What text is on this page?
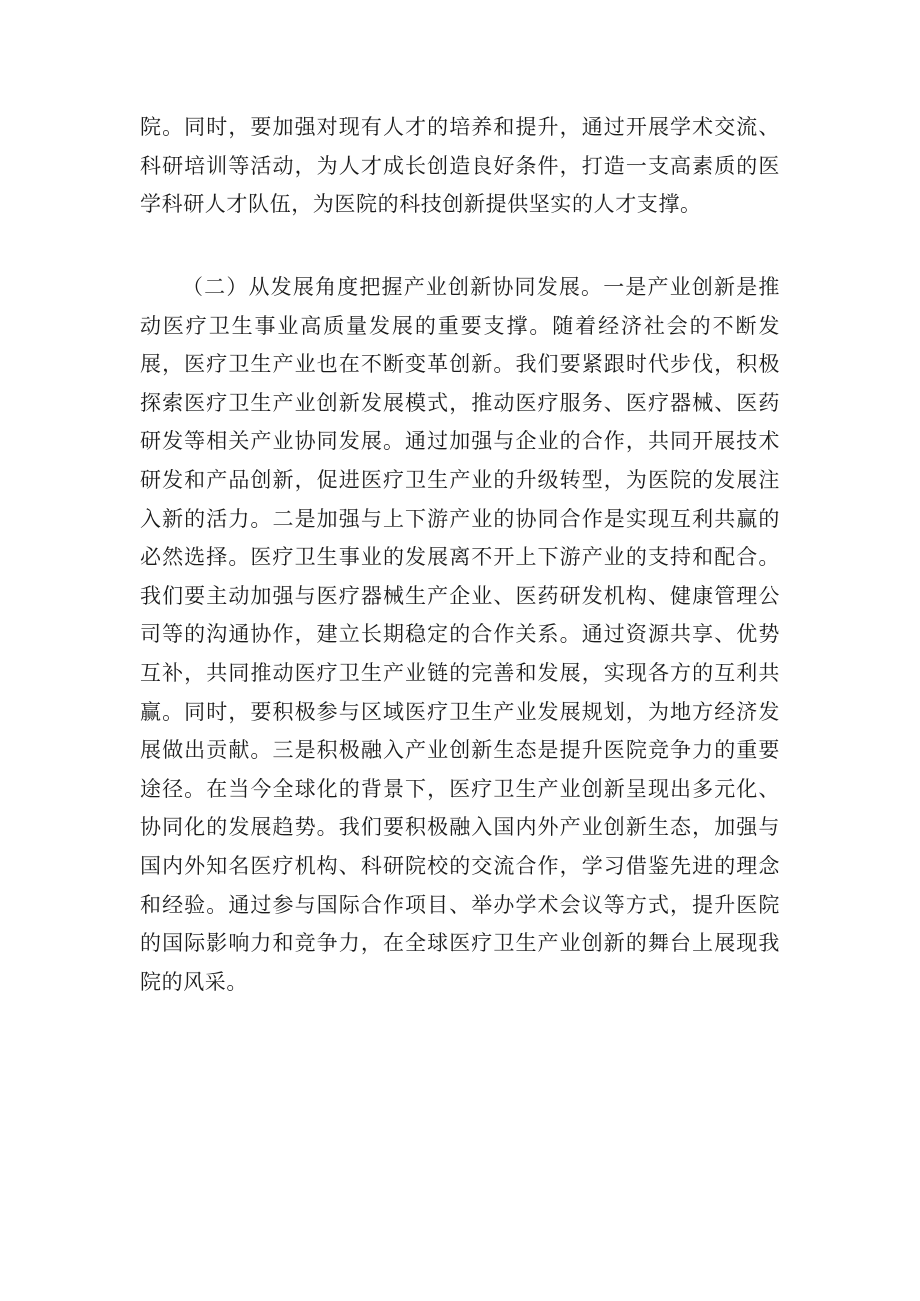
院。同时，要加强对现有人才的培养和提升，通过开展学术交流、科研培训等活动，为人才成长创造良好条件，打造一支高素质的医学科研人才队伍，为医院的科技创新提供坚实的人才支撑。

（二）从发展角度把握产业创新协同发展。一是产业创新是推动医疗卫生事业高质量发展的重要支撑。随着经济社会的不断发展，医疗卫生产业也在不断变革创新。我们要紧跟时代步伐，积极探索医疗卫生产业创新发展模式，推动医疗服务、医疗器械、医药研发等相关产业协同发展。通过加强与企业的合作，共同开展技术研发和产品创新，促进医疗卫生产业的升级转型，为医院的发展注入新的活力。二是加强与上下游产业的协同合作是实现互利共赢的必然选择。医疗卫生事业的发展离不开上下游产业的支持和配合。我们要主动加强与医疗器械生产企业、医药研发机构、健康管理公司等的沟通协作，建立长期稳定的合作关系。通过资源共享、优势互补，共同推动医疗卫生产业链的完善和发展，实现各方的互利共赢。同时，要积极参与区域医疗卫生产业发展规划，为地方经济发展做出贡献。三是积极融入产业创新生态是提升医院竞争力的重要途径。在当今全球化的背景下，医疗卫生产业创新呈现出多元化、协同化的发展趋势。我们要积极融入国内外产业创新生态，加强与国内外知名医疗机构、科研院校的交流合作，学习借鉴先进的理念和经验。通过参与国际合作项目、举办学术会议等方式，提升医院的国际影响力和竞争力，在全球医疗卫生产业创新的舞台上展现我院的风采。
